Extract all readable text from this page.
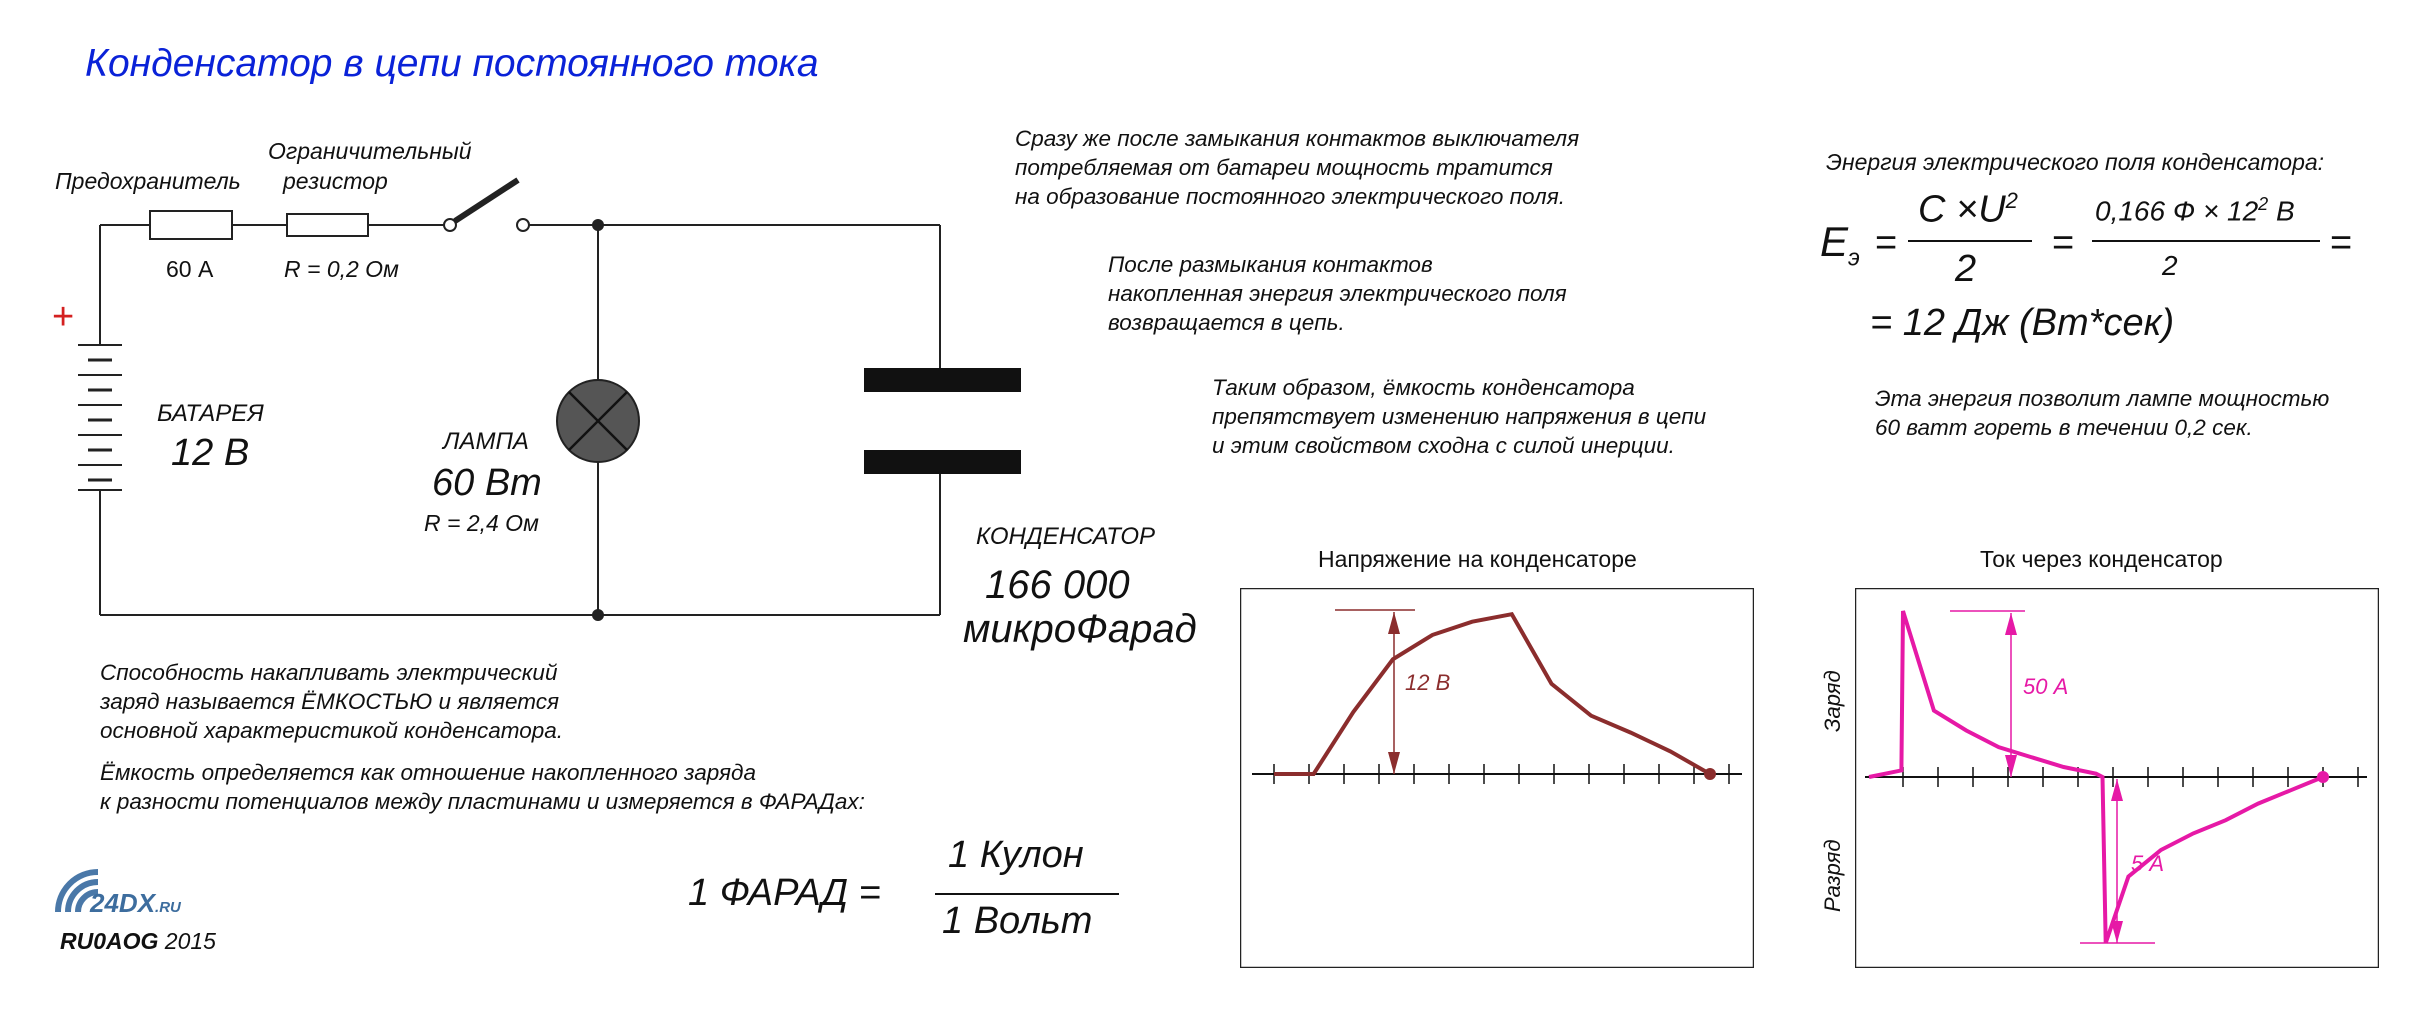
Конденсатор в цепи постоянного тока
Предохранитель
60 А
Ограничительный
резистор
R = 0,2 Ом
+
БАТАРЕЯ
12 В	ЛАМПА
60 Вт
R = 2,4 Ом	КОНДЕНСАТОР
166 000
микроФарад
Сразу же после замыкания контактов выключателя
потребляемая от батареи мощность тратится
на образование постоянного электрического поля.
После размыкания контактов
накопленная энергия электрического поля
возвращается в цепь.
Таким образом, ёмкость конденсатора
препятствует изменению напряжения в цепи
и этим свойством сходна с силой инерции.
Способность накапливать электрический
заряд называется ЁМКОСТЬЮ и является
основной характеристикой конденсатора.
Ёмкость определяется как отношение накопленного заряда
к разности потенциалов между пластинами и измеряется в ФАРАДах:
Энергия электрического поля конденсатора:
Эта энергия позволит лампе мощностью
60 ватт гореть в течении 0,2 сек.
$E_э$ =
$C \times U^2$
2
=
0,166 $Ф \times 12^2$ В
2
=
= 12 Дж (Вт*сек)
1 ФАРАД =
1 Кулон
1 Вольт
Напряжение на конденсаторе	Ток через конденсатор
12 В	50 А
5 А
Заряд
Разряд
24DX.RU
RU0AOG 2015
